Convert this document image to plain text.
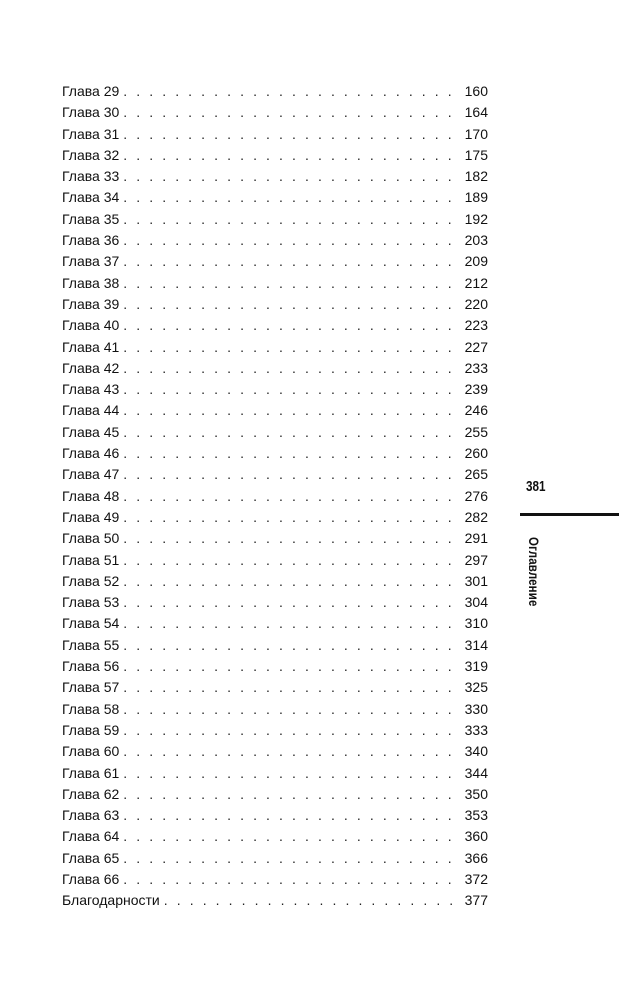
Глава 29 . . .	160
Глава 30 . . .	164
Глава 31 . . .	170
Глава 32 . . .	175
Глава 33 . . .	182
Глава 34 . . .	189
Глава 35 . . .	192
Глава 36 . . .	203
Глава 37 . . .	209
Глава 38 . . .	212
Глава 39 . . .	220
Глава 40 . . .	223
Глава 41 . . .	227
Глава 42 . . .	233
Глава 43 . . .	239
Глава 44 . . .	246
Глава 45 . . .	255
Глава 46 . . .	260
Глава 47 . . .	265
Глава 48 . . .	276
Глава 49 . . .	282
Глава 50 . . .	291
Глава 51 . . .	297
Глава 52 . . .	301
Глава 53 . . .	304
Глава 54 . . .	310
Глава 55 . . .	314
Глава 56 . . .	319
Глава 57 . . .	325
Глава 58 . . .	330
Глава 59 . . .	333
Глава 60 . . .	340
Глава 61 . . .	344
Глава 62 . . .	350
Глава 63 . . .	353
Глава 64 . . .	360
Глава 65 . . .	366
Глава 66 . . .	372
Благодарности . . .	377
381
Оглавление
